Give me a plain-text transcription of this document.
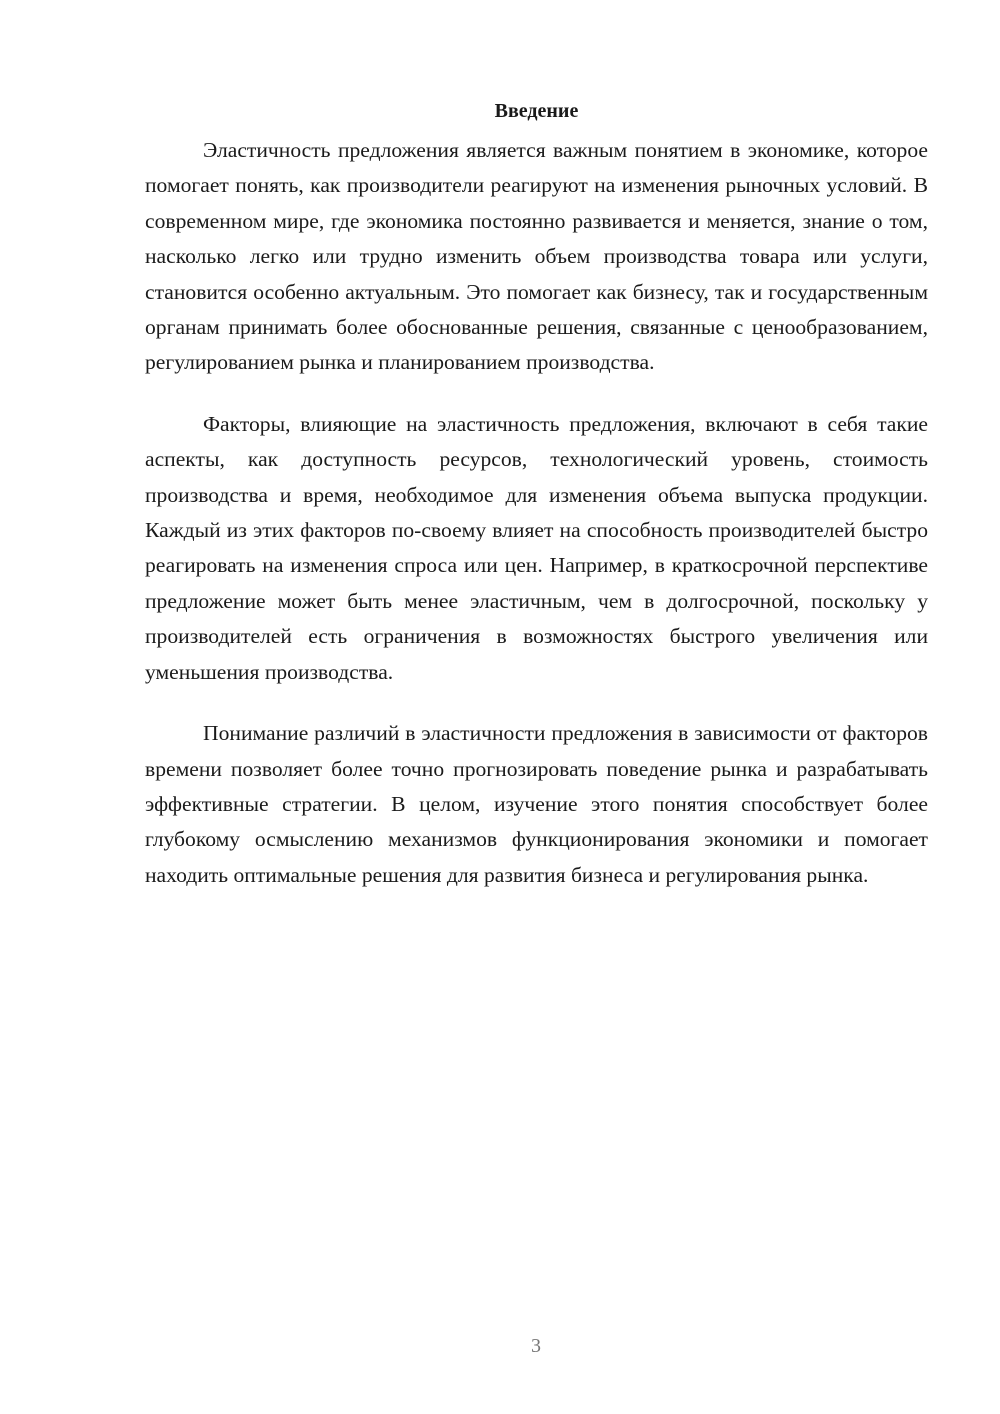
Введение

Эластичность предложения является важным понятием в экономике, которое помогает понять, как производители реагируют на изменения рыночных условий. В современном мире, где экономика постоянно развивается и меняется, знание о том, насколько легко или трудно изменить объем производства товара или услуги, становится особенно актуальным. Это помогает как бизнесу, так и государственным органам принимать более обоснованные решения, связанные с ценообразованием, регулированием рынка и планированием производства.

Факторы, влияющие на эластичность предложения, включают в себя такие аспекты, как доступность ресурсов, технологический уровень, стоимость производства и время, необходимое для изменения объема выпуска продукции. Каждый из этих факторов по-своему влияет на способность производителей быстро реагировать на изменения спроса или цен. Например, в краткосрочной перспективе предложение может быть менее эластичным, чем в долгосрочной, поскольку у производителей есть ограничения в возможностях быстрого увеличения или уменьшения производства.

Понимание различий в эластичности предложения в зависимости от факторов времени позволяет более точно прогнозировать поведение рынка и разрабатывать эффективные стратегии. В целом, изучение этого понятия способствует более глубокому осмыслению механизмов функционирования экономики и помогает находить оптимальные решения для развития бизнеса и регулирования рынка.

3
